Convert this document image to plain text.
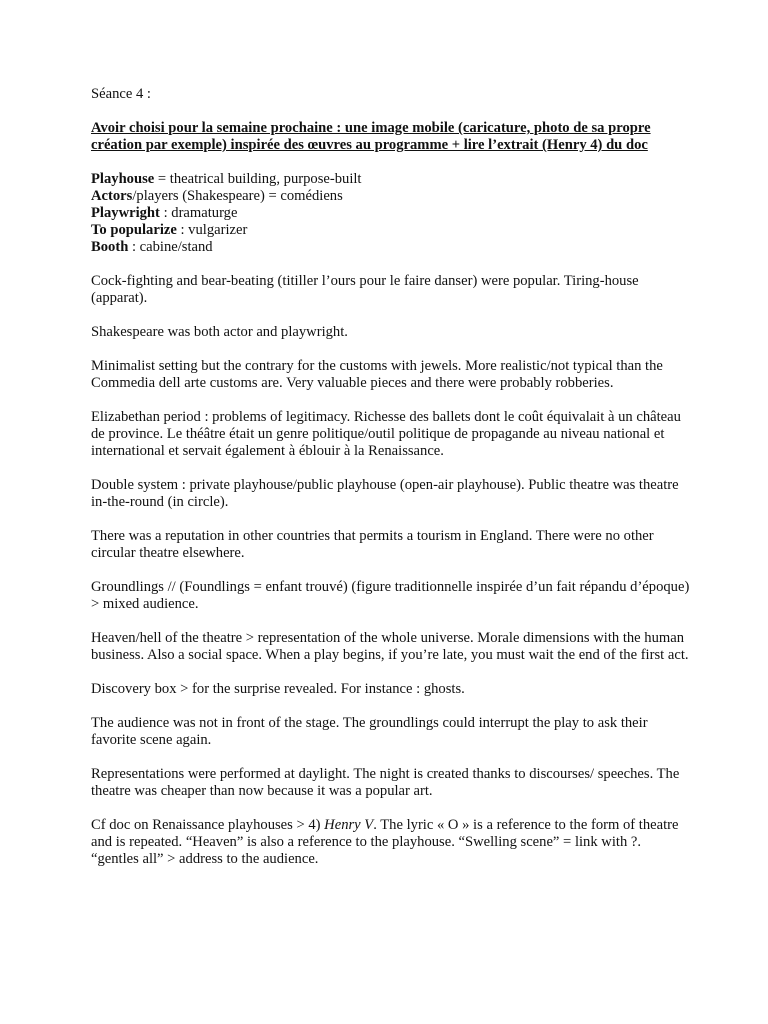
Séance 4 :

Avoir choisi pour la semaine prochaine : une image mobile (caricature, photo de sa propre création par exemple) inspirée des œuvres au programme + lire l’extrait (Henry 4) du doc

Playhouse = theatrical building, purpose-built
Actors/players (Shakespeare) = comédiens
Playwright : dramaturge
To popularize : vulgarizer
Booth : cabine/stand

Cock-fighting and bear-beating (titiller l’ours pour le faire danser) were popular. Tiring-house (apparat).

Shakespeare was both actor and playwright.

Minimalist setting but the contrary for the customs with jewels. More realistic/not typical than the Commedia dell arte customs are. Very valuable pieces and there were probably robberies.

Elizabethan period : problems of legitimacy. Richesse des ballets dont le coût équivalait à un château de province. Le théâtre était un genre politique/outil politique de propagande au niveau national et international et servait également à éblouir à la Renaissance.

Double system : private playhouse/public playhouse (open-air playhouse). Public theatre was theatre in-the-round (in circle).

There was a reputation in other countries that permits a tourism in England. There were no other circular theatre elsewhere.

Groundlings // (Foundlings = enfant trouvé) (figure traditionnelle inspirée d’un fait répandu d’époque) > mixed audience.

Heaven/hell of the theatre > representation of the whole universe. Morale dimensions with the human business. Also a social space. When a play begins, if you’re late, you must wait the end of the first act.

Discovery box > for the surprise revealed. For instance : ghosts.

The audience was not in front of the stage. The groundlings could interrupt the play to ask their favorite scene again.

Representations were performed at daylight. The night is created thanks to discourses/ speeches. The theatre was cheaper than now because it was a popular art.

Cf doc on Renaissance playhouses > 4) Henry V. The lyric « O » is a reference to the form of theatre and is repeated. “Heaven” is also a reference to the playhouse. “Swelling scene” = link with ?. “gentles all” > address to the audience.
